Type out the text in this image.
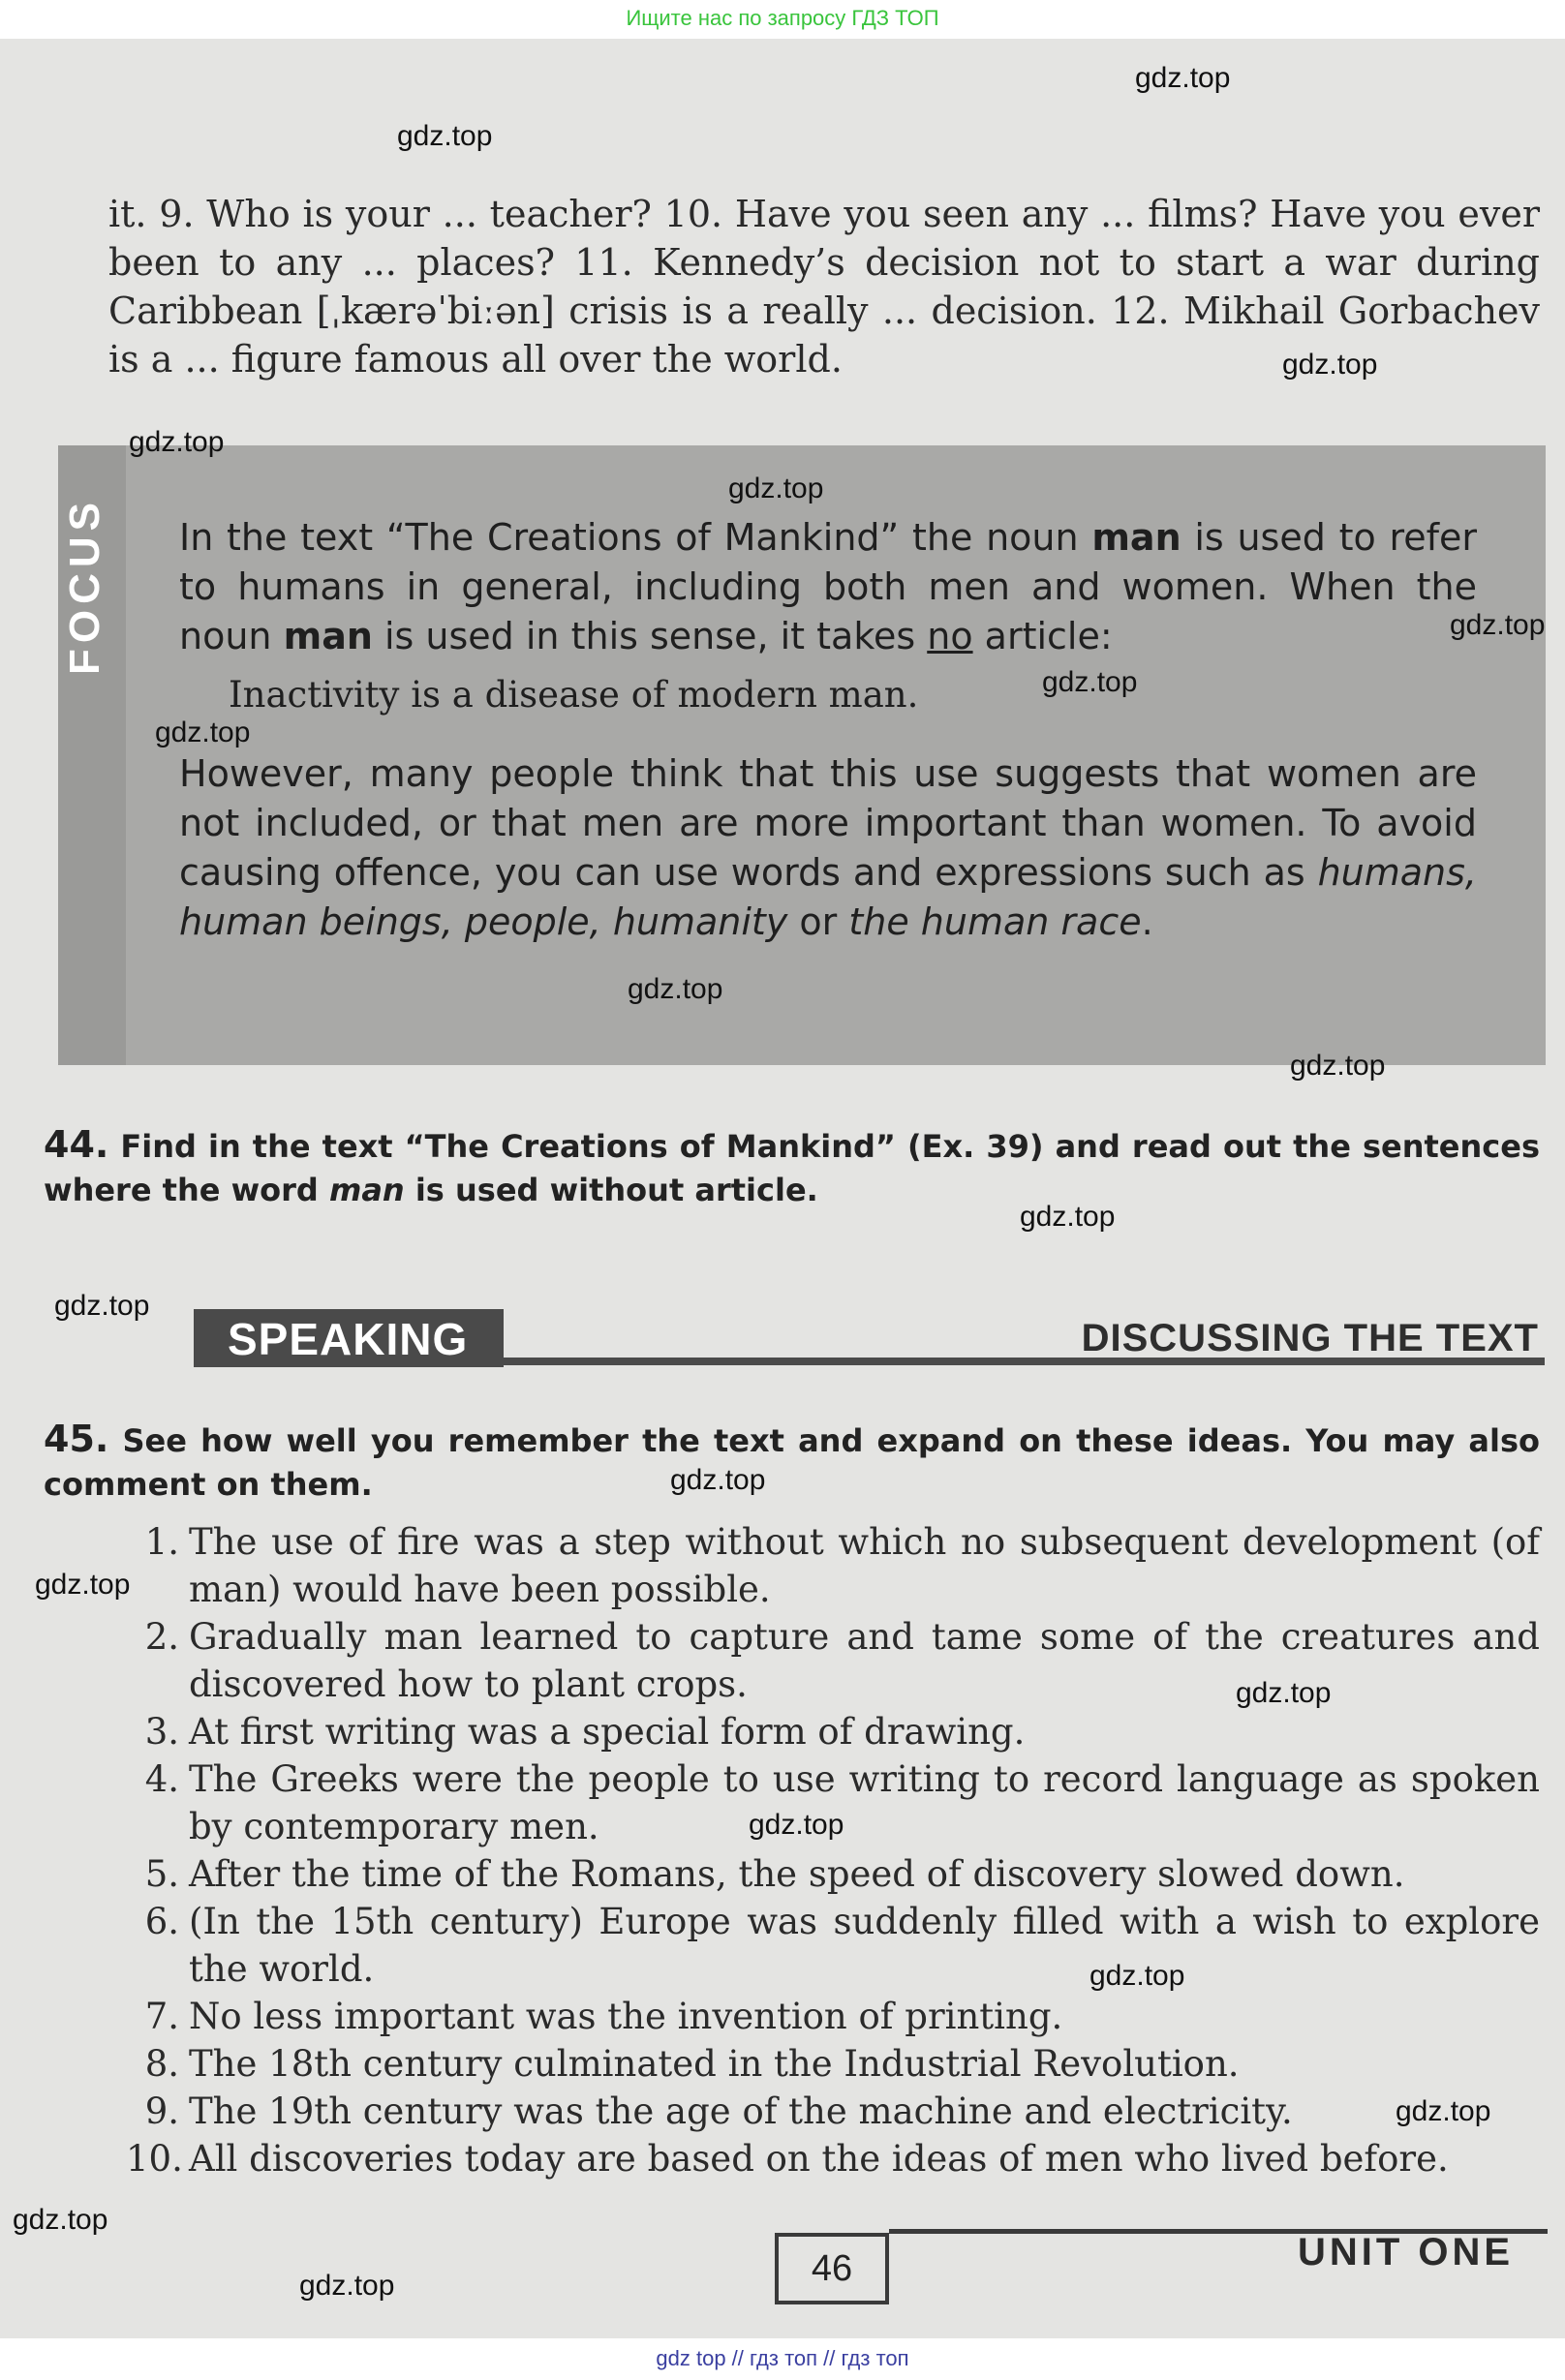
Ищите нас по запросу ГДЗ ТОП
it. 9. Who is your ... teacher? 10. Have you seen any ... films? Have you ever been to any ... places? 11. Kennedy’s decision not to start a war during Caribbean [ˌkærəˈbiːən] crisis is a really ... decision. 12. Mikhail Gorbachev is a ... figure famous all over the world.
FOCUS In the text “The Creations of Mankind” the noun man is used to refer to humans in general, including both men and women. When the noun man is used in this sense, it takes no article:
Inactivity is a disease of modern man.
However, many people think that this use suggests that women are not included, or that men are more important than women. To avoid causing offence, you can use words and expressions such as humans, human beings, people, humanity or the human race.
44. Find in the text “The Creations of Mankind” (Ex. 39) and read out the sentences where the word man is used without article.
SPEAKING	DISCUSSING THE TEXT
45. See how well you remember the text and expand on these ideas. You may also comment on them.
1. The use of fire was a step without which no subsequent development (of man) would have been possible.
2. Gradually man learned to capture and tame some of the creatures and discovered how to plant crops.
3. At first writing was a special form of drawing.
4. The Greeks were the people to use writing to record language as spoken by contemporary men.
5. After the time of the Romans, the speed of discovery slowed down.
6. (In the 15th century) Europe was suddenly filled with a wish to explore the world.
7. No less important was the invention of printing.
8. The 18th century culminated in the Industrial Revolution.
9. The 19th century was the age of the machine and electricity.
10. All discoveries today are based on the ideas of men who lived before.
46	UNIT ONE
gdz.top
gdz.top
gdz.top
gdz.top
gdz.top
gdz.top
gdz.top
gdz.top
gdz.top
gdz.top
gdz.top
gdz.top
gdz.top
gdz.top
gdz.top
gdz.top
gdz.top
gdz.top
gdz.top
gdz.top
gdz top // гдз топ // гдз топ
